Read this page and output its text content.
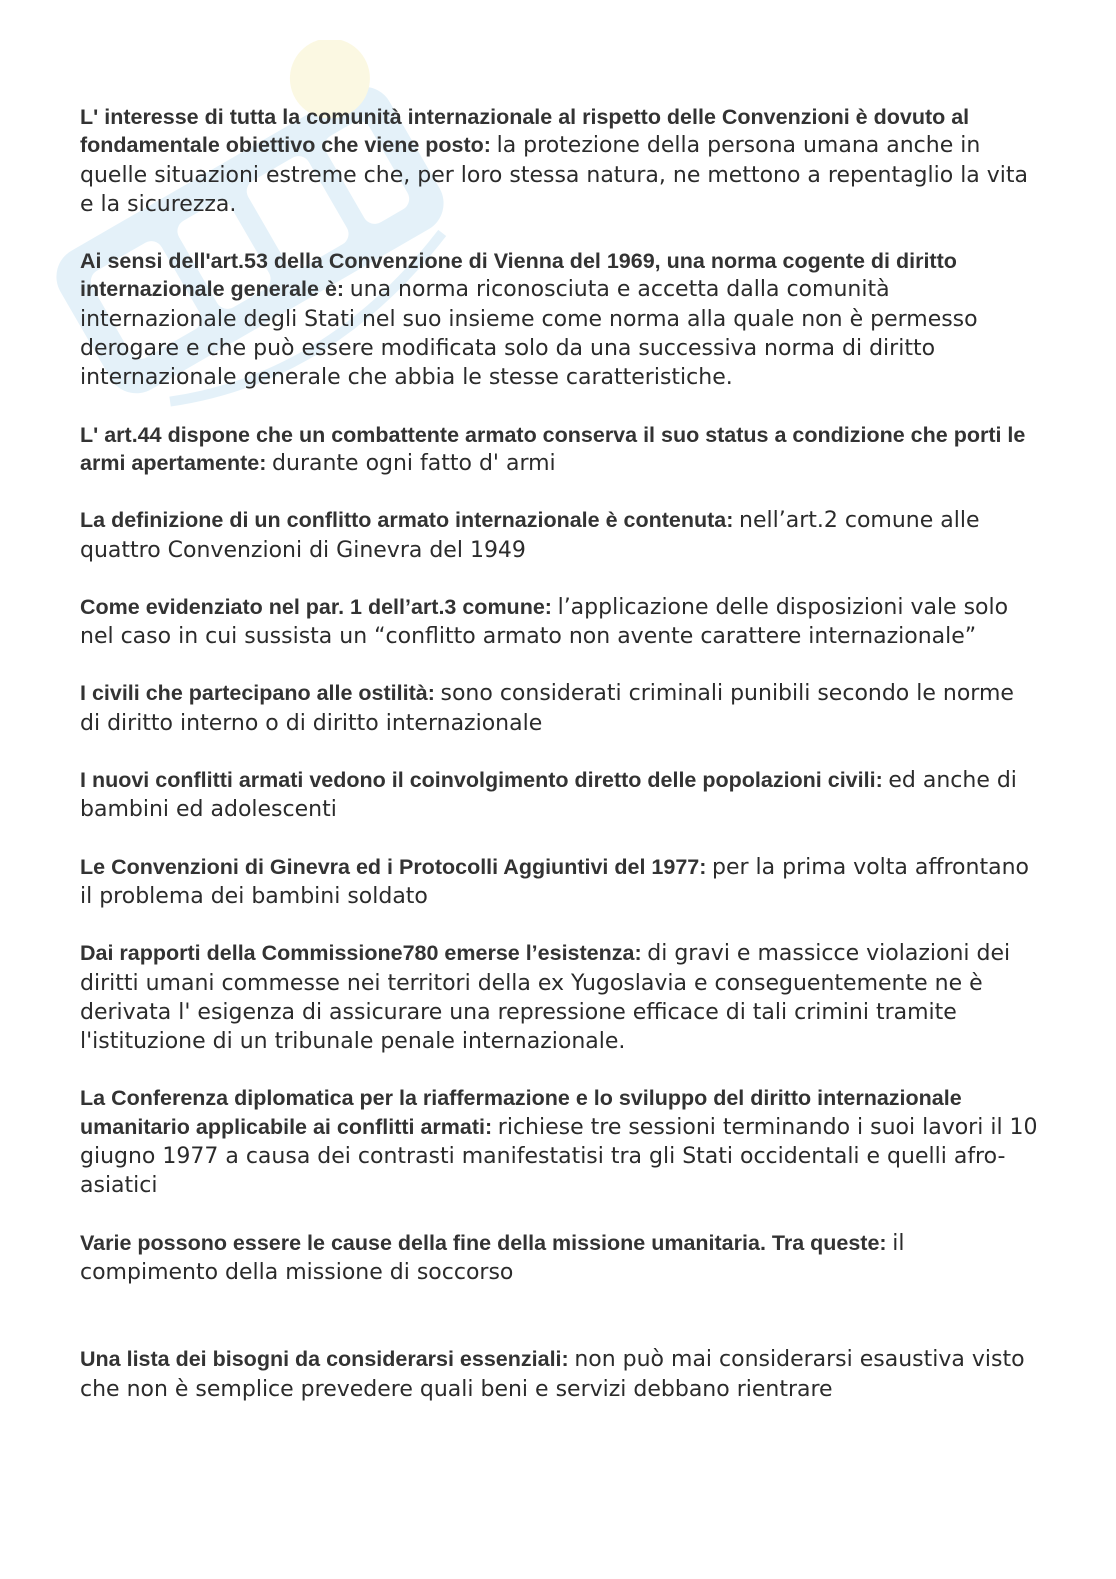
L' interesse di tutta la comunità internazionale al rispetto delle Convenzioni è dovuto al fondamentale obiettivo che viene posto: la protezione della persona umana anche in quelle situazioni estreme che, per loro stessa natura, ne mettono a repentaglio la vita e la sicurezza.

Ai sensi dell'art.53 della Convenzione di Vienna del 1969, una norma cogente di diritto internazionale generale è: una norma riconosciuta e accetta dalla comunità internazionale degli Stati nel suo insieme come norma alla quale non è permesso derogare e che può essere modificata solo da una successiva norma di diritto internazionale generale che abbia le stesse caratteristiche.

L' art.44 dispone che un combattente armato conserva il suo status a condizione che porti le armi apertamente: durante ogni fatto d' armi

La definizione di un conflitto armato internazionale è contenuta: nell’art.2 comune alle quattro Convenzioni di Ginevra del 1949

Come evidenziato nel par. 1 dell’art.3 comune: l’applicazione delle disposizioni vale solo nel caso in cui sussista un “conflitto armato non avente carattere internazionale”

I civili che partecipano alle ostilità: sono considerati criminali punibili secondo le norme di diritto interno o di diritto internazionale

I nuovi conflitti armati vedono il coinvolgimento diretto delle popolazioni civili: ed anche di bambini ed adolescenti

Le Convenzioni di Ginevra ed i Protocolli Aggiuntivi del 1977: per la prima volta affrontano il problema dei bambini soldato

Dai rapporti della Commissione780 emerse l’esistenza: di gravi e massicce violazioni dei diritti umani commesse nei territori della ex Yugoslavia e conseguentemente ne è derivata l' esigenza di assicurare una repressione efficace di tali crimini tramite l'istituzione di un tribunale penale internazionale.

La Conferenza diplomatica per la riaffermazione e lo sviluppo del diritto internazionale umanitario applicabile ai conflitti armati: richiese tre sessioni terminando i suoi lavori il 10 giugno 1977 a causa dei contrasti manifestatisi tra gli Stati occidentali e quelli afro-asiatici

Varie possono essere le cause della fine della missione umanitaria. Tra queste: il compimento della missione di soccorso

Una lista dei bisogni da considerarsi essenziali: non può mai considerarsi esaustiva visto che non è semplice prevedere quali beni e servizi debbano rientrare
